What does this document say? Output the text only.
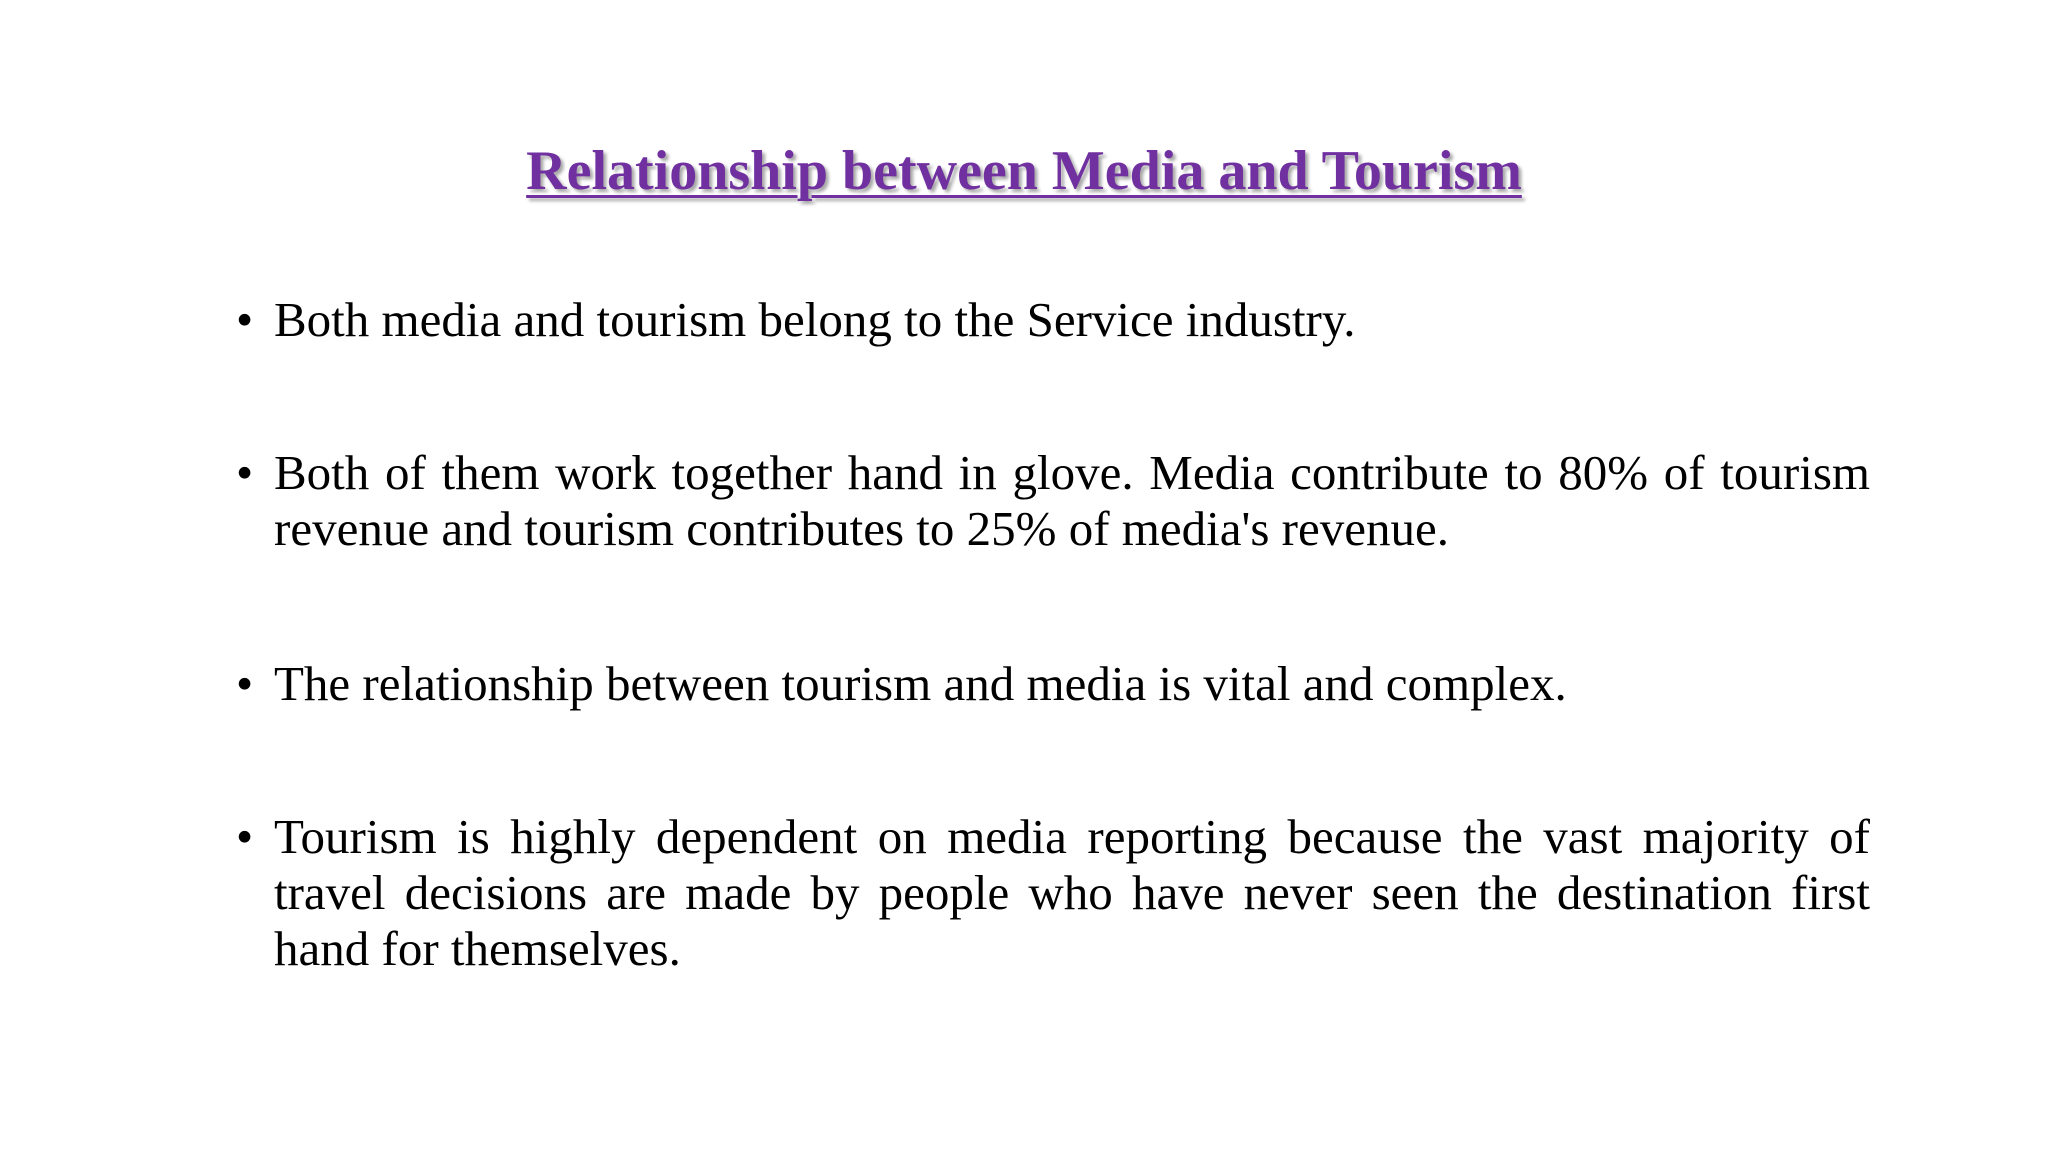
Relationship between Media and Tourism
• Both media and tourism belong to the Service industry.
• Both of them work together hand in glove. Media contribute to 80% of tourism revenue and tourism contributes to 25% of media's revenue.
• The relationship between tourism and media is vital and complex.
• Tourism is highly dependent on media reporting because the vast majority of travel decisions are made by people who have never seen the destination first hand for themselves.
